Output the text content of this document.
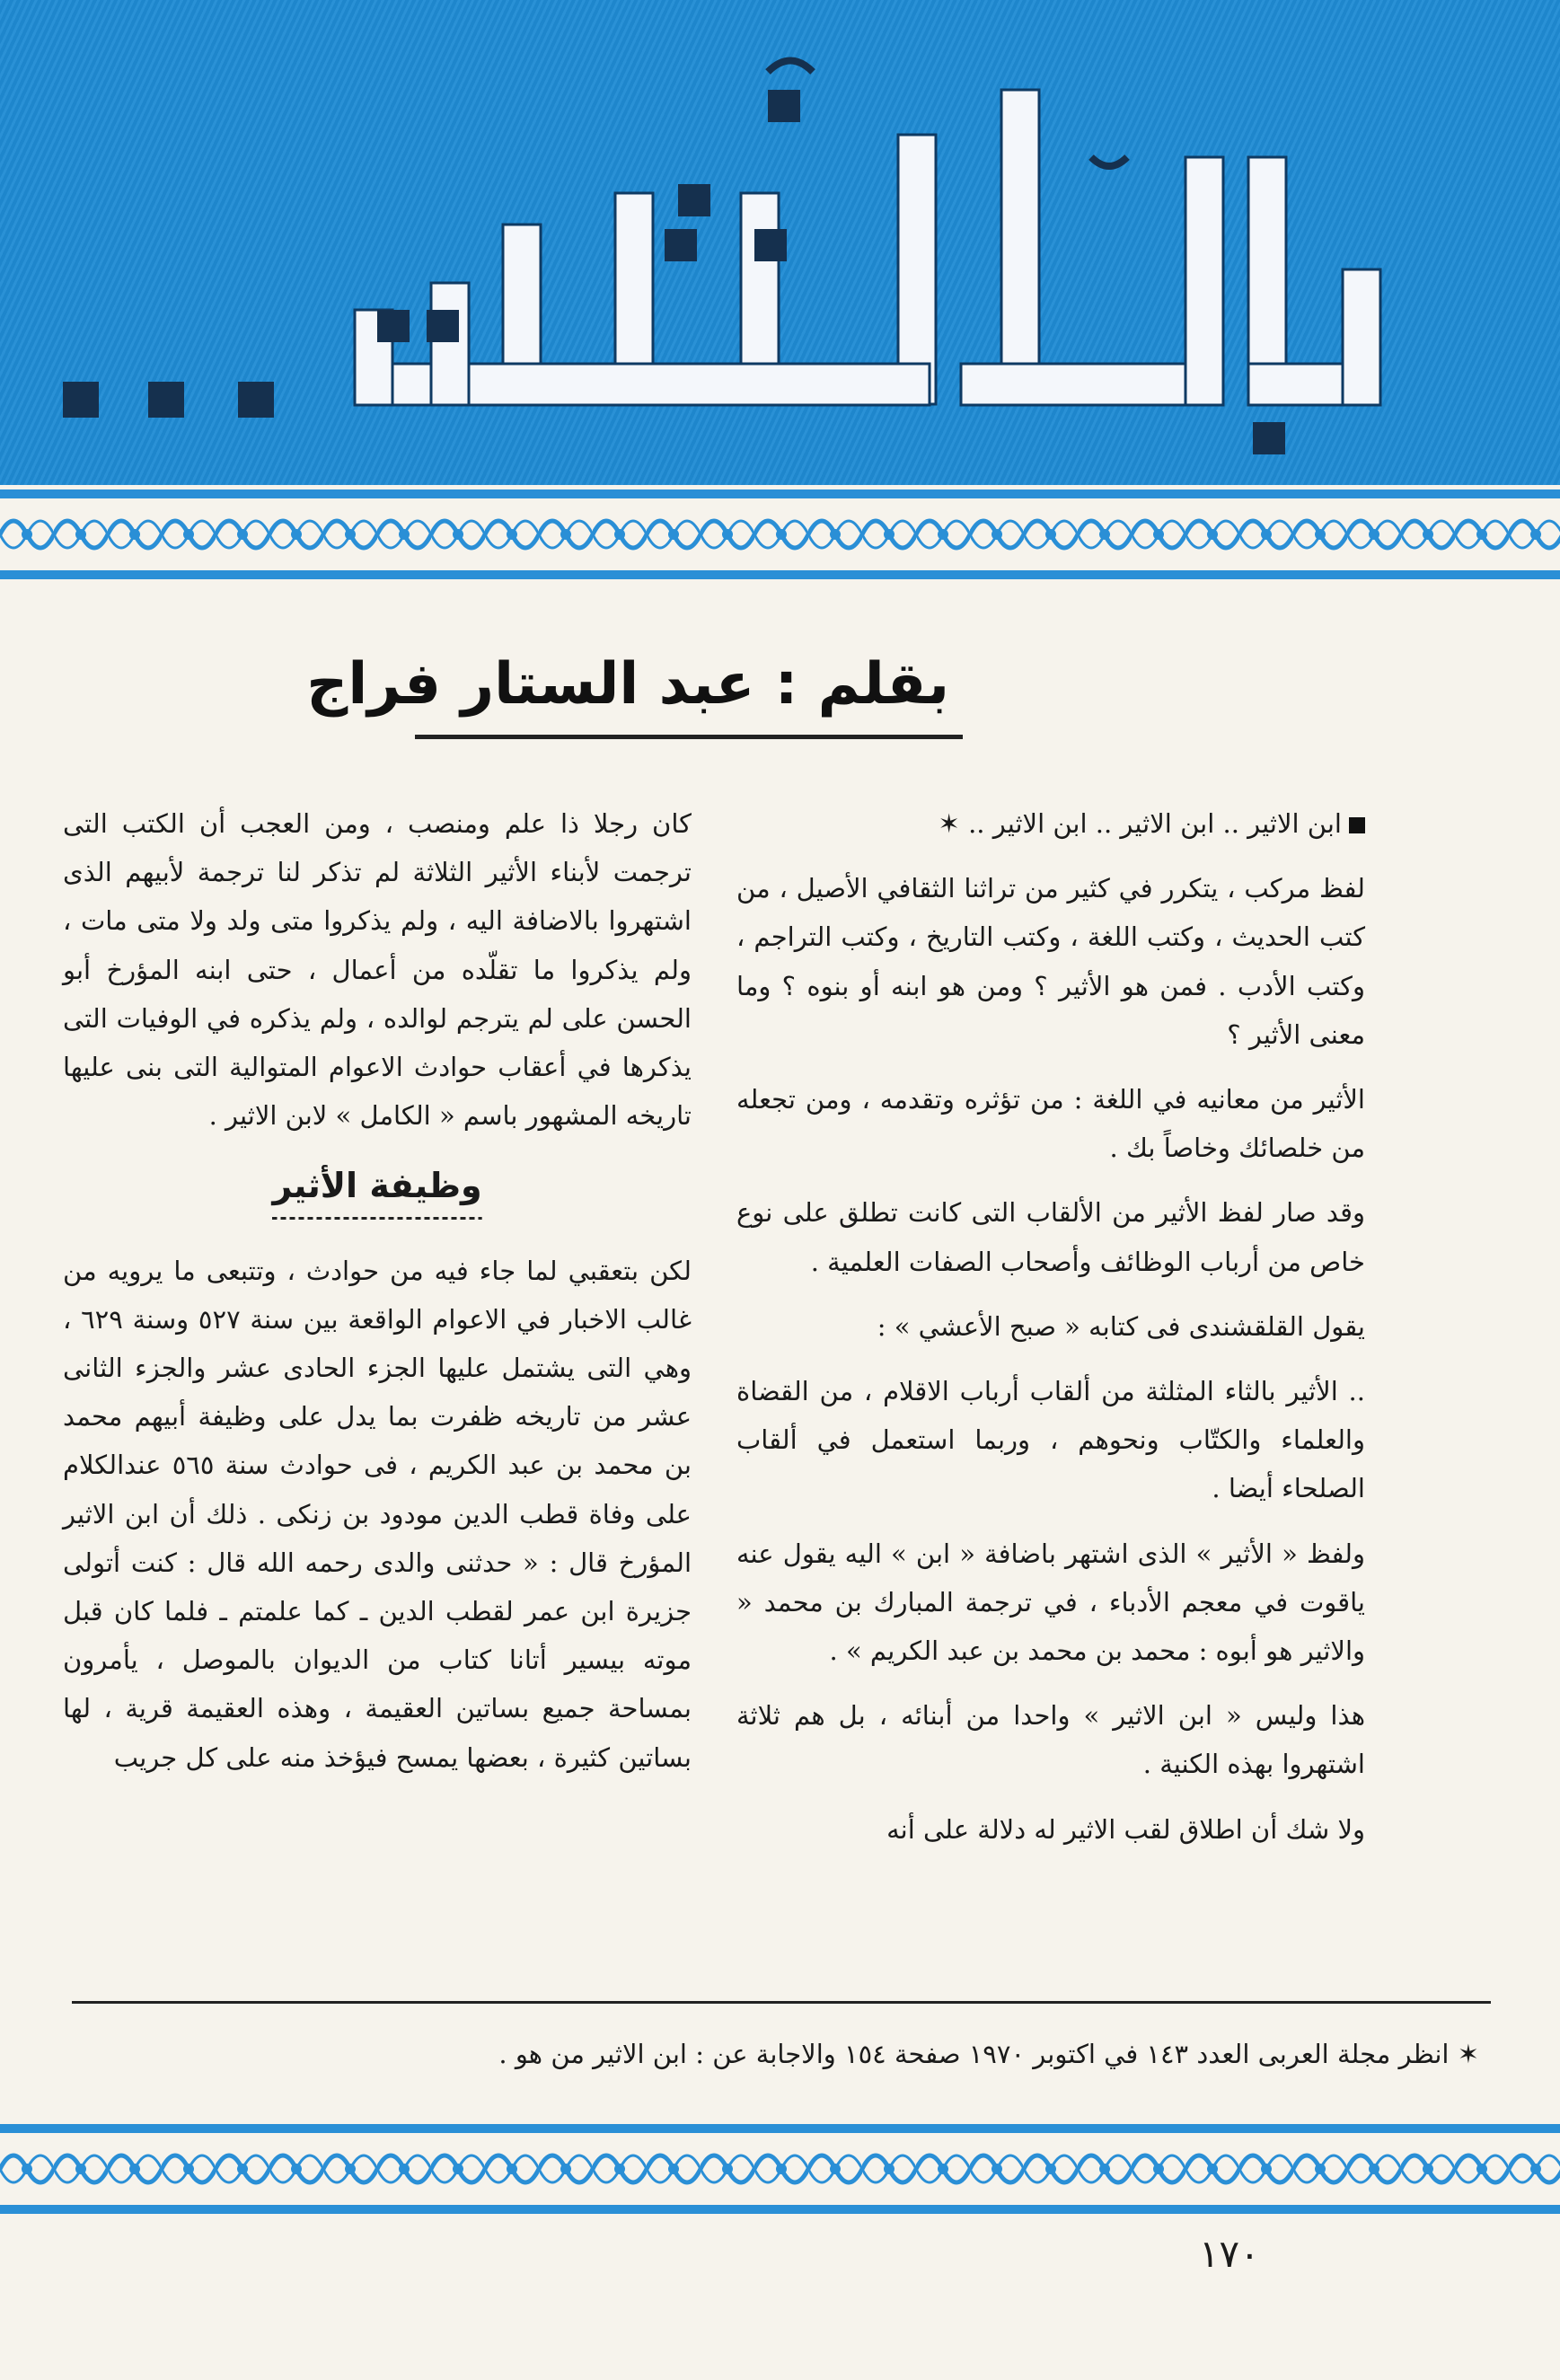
بقلم : عبد الستار فراج

ابن الاثير .. ابن الاثير .. ابن الاثير .. ✶

لفظ مركب ، يتكرر في كثير من تراثنا الثقافي الأصيل ، من كتب الحديث ، وكتب اللغة ، وكتب التاريخ ، وكتب التراجم ، وكتب الأدب . فمن هو الأثير ؟ ومن هو ابنه أو بنوه ؟ وما معنى الأثير ؟

الأثير من معانيه في اللغة : من تؤثره وتقدمه ، ومن تجعله من خلصائك وخاصاً بك .

وقد صار لفظ الأثير من الألقاب التى كانت تطلق على نوع خاص من أرباب الوظائف وأصحاب الصفات العلمية .

يقول القلقشندى فى كتابه « صبح الأعشي » :

.. الأثير بالثاء المثلثة من ألقاب أرباب الاقلام ، من القضاة والعلماء والكتّاب ونحوهم ، وربما استعمل في ألقاب الصلحاء أيضا .

ولفظ « الأثير » الذى اشتهر باضافة « ابن » اليه يقول عنه ياقوت في معجم الأدباء ، في ترجمة المبارك بن محمد « والاثير هو أبوه : محمد بن محمد بن عبد الكريم » .

هذا وليس « ابن الاثير » واحدا من أبنائه ، بل هم ثلاثة اشتهروا بهذه الكنية .

ولا شك أن اطلاق لقب الاثير له دلالة على أنه

كان رجلا ذا علم ومنصب ، ومن العجب أن الكتب التى ترجمت لأبناء الأثير الثلاثة لم تذكر لنا ترجمة لأبيهم الذى اشتهروا بالاضافة اليه ، ولم يذكروا متى ولد ولا متى مات ، ولم يذكروا ما تقلّده من أعمال ، حتى ابنه المؤرخ أبو الحسن على لم يترجم لوالده ، ولم يذكره في الوفيات التى يذكرها في أعقاب حوادث الاعوام المتوالية التى بنى عليها تاريخه المشهور باسم « الكامل » لابن الاثير .

وظيفة الأثير

لكن بتعقبي لما جاء فيه من حوادث ، وتتبعى ما يرويه من غالب الاخبار في الاعوام الواقعة بين سنة ٥٢٧ وسنة ٦٢٩ ، وهي التى يشتمل عليها الجزء الحادى عشر والجزء الثانى عشر من تاريخه ظفرت بما يدل على وظيفة أبيهم محمد بن محمد بن عبد الكريم ، فى حوادث سنة ٥٦٥ عندالكلام على وفاة قطب الدين مودود بن زنكى . ذلك أن ابن الاثير المؤرخ قال : « حدثنى والدى رحمه الله قال : كنت أتولى جزيرة ابن عمر لقطب الدين ـ كما علمتم ـ فلما كان قبل موته بيسير أتانا كتاب من الديوان بالموصل ، يأمرون بمساحة جميع بساتين العقيمة ، وهذه العقيمة قرية ، لها بساتين كثيرة ، بعضها يمسح فيؤخذ منه على كل جريب

✶ انظر مجلة العربى العدد ١٤٣ في اكتوبر ١٩٧٠ صفحة ١٥٤ والاجابة عن : ابن الاثير من هو .
١٧٠
